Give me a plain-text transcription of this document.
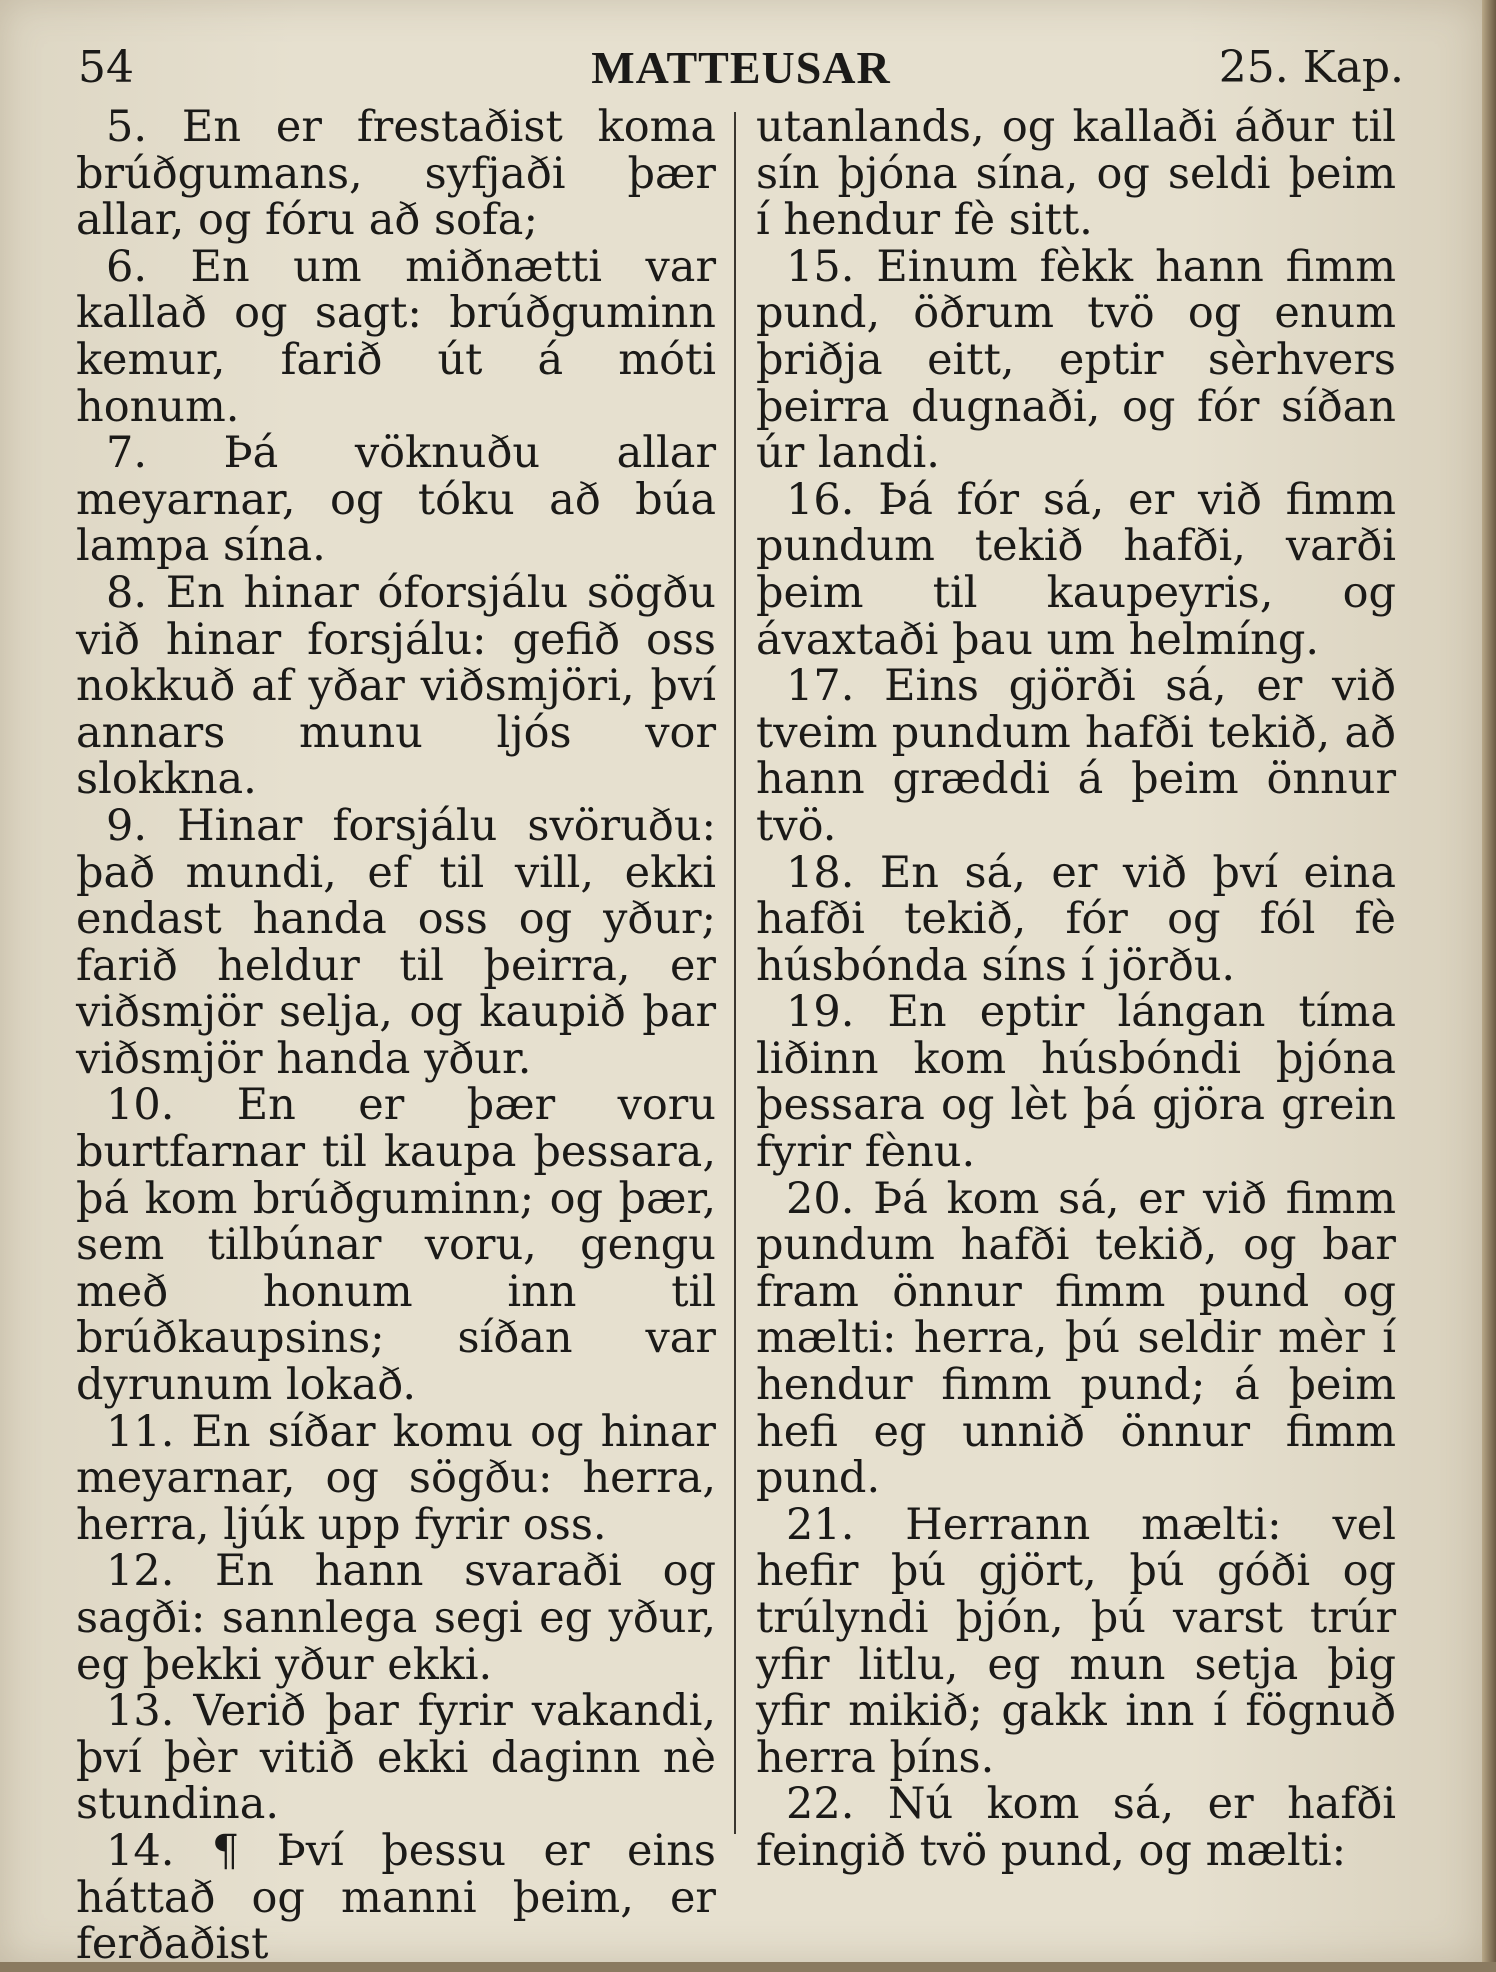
54	MATTEUSAR	25. Kap.

5. En er frestaðist koma brúðgumans, syfjaði þær allar, og fóru að sofa;

6. En um miðnætti var kallað og sagt: brúðguminn kemur, farið út á móti honum.

7. Þá vöknuðu allar meyarnar, og tóku að búa lampa sína.

8. En hinar óforsjálu sögðu við hinar forsjálu: gefið oss nokkuð af yðar viðsmjöri, því annars munu ljós vor slokkna.

9. Hinar forsjálu svöruðu: það mundi, ef til vill, ekki endast handa oss og yður; farið heldur til þeirra, er viðsmjör selja, og kaupið þar viðsmjör handa yður.

10. En er þær voru burtfarnar til kaupa þessara, þá kom brúðguminn; og þær, sem tilbúnar voru, gengu með honum inn til brúðkaupsins; síðan var dyrunum lokað.

11. En síðar komu og hinar meyarnar, og sögðu: herra, herra, ljúk upp fyrir oss.

12. En hann svaraði og sagði: sannlega segi eg yður, eg þekki yður ekki.

13. Verið þar fyrir vakandi, því þèr vitið ekki daginn nè stundina.

14. ¶ Því þessu er eins háttað og manni þeim, er ferðaðist

utanlands, og kallaði áður til sín þjóna sína, og seldi þeim í hendur fè sitt.

15. Einum fèkk hann fimm pund, öðrum tvö og enum þriðja eitt, eptir sèrhvers þeirra dugnaði, og fór síðan úr landi.

16. Þá fór sá, er við fimm pundum tekið hafði, varði þeim til kaupeyris, og ávaxtaði þau um helmíng.

17. Eins gjörði sá, er við tveim pundum hafði tekið, að hann græddi á þeim önnur tvö.

18. En sá, er við því eina hafði tekið, fór og fól fè húsbónda síns í jörðu.

19. En eptir lángan tíma liðinn kom húsbóndi þjóna þessara og lèt þá gjöra grein fyrir fènu.

20. Þá kom sá, er við fimm pundum hafði tekið, og bar fram önnur fimm pund og mælti: herra, þú seldir mèr í hendur fimm pund; á þeim hefi eg unnið önnur fimm pund.

21. Herrann mælti: vel hefir þú gjört, þú góði og trúlyndi þjón, þú varst trúr yfir litlu, eg mun setja þig yfir mikið; gakk inn í fögnuð herra þíns.

22. Nú kom sá, er hafði feingið tvö pund, og mælti:
